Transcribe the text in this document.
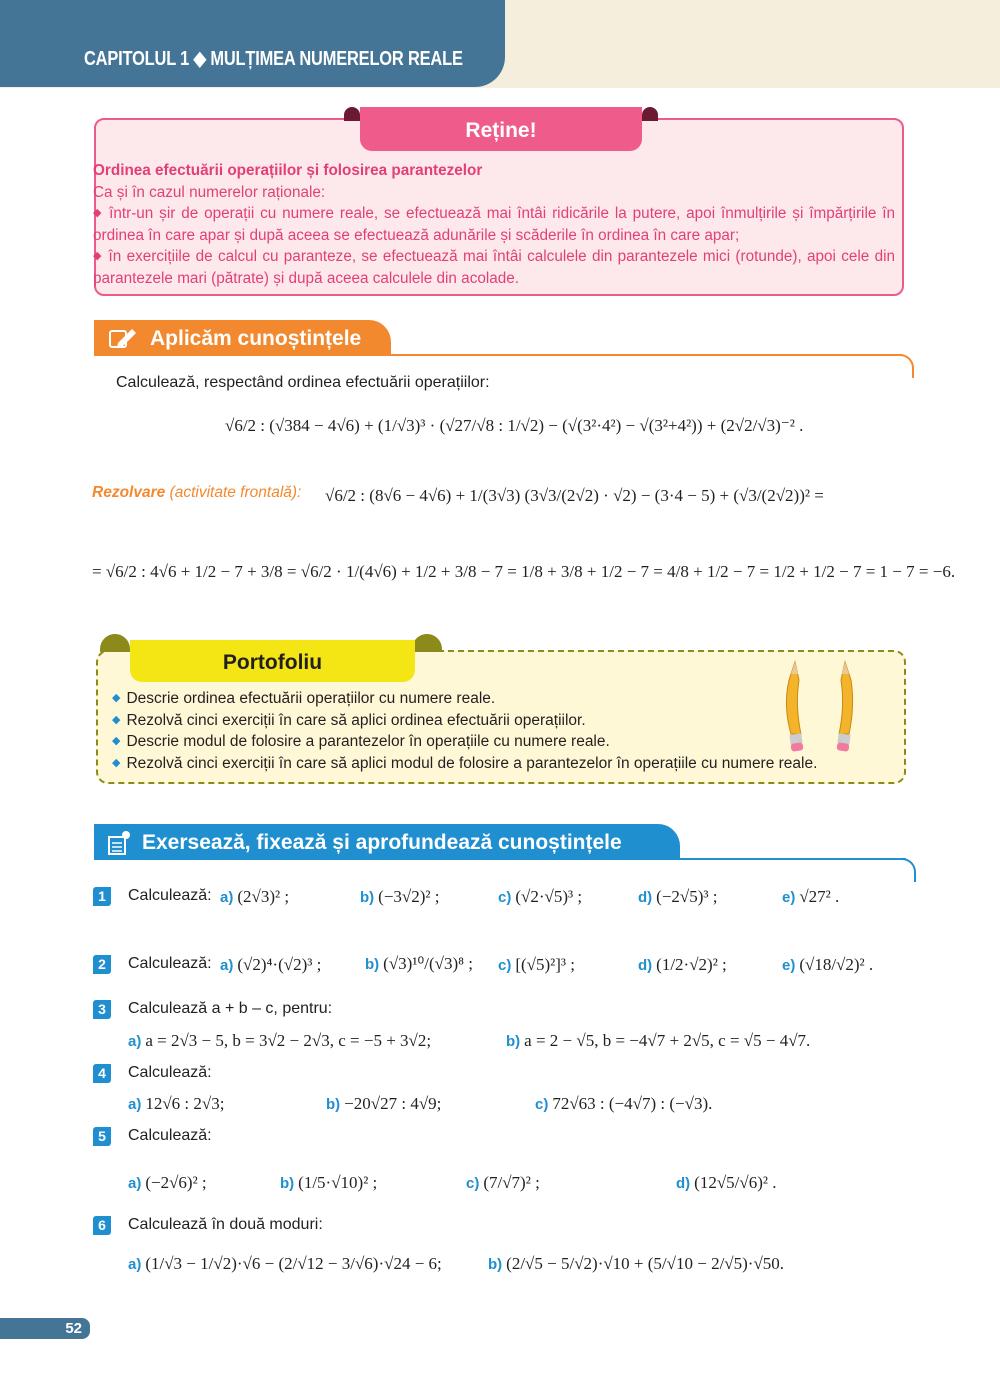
CAPITOLUL 1 ◆ MULȚIMEA NUMERELOR REALE
Reține!
Ordinea efectuării operațiilor și folosirea parantezelor
Ca și în cazul numerelor raționale:
◆ într-un șir de operații cu numere reale, se efectuează mai întâi ridicările la putere, apoi înmulțirile și împărțirile în ordinea în care apar și după aceea se efectuează adunările și scăderile în ordinea în care apar;
◆ în exercițiile de calcul cu paranteze, se efectuează mai întâi calculele din parantezele mici (rotunde), apoi cele din parantezele mari (pătrate) și după aceea calculele din acolade.
Aplicăm cunoștințele
Calculează, respectând ordinea efectuării operațiilor:
√6/2 : (√384 − 4√6) + (1/√3)³ · (√27/√8 : 1/√2) − (√(3²·4²) − √(3²+4²)) + (2√2/√3)⁻² .
Rezolvare (activitate frontală): √6/2 : (8√6 − 4√6) + 1/(3√3) (3√3/(2√2) · √2) − (3·4 − 5) + (√3/(2√2))² =
= √6/2 : 4√6 + 1/2 − 7 + 3/8 = √6/2 · 1/(4√6) + 1/2 + 3/8 − 7 = 1/8 + 3/8 + 1/2 − 7 = 4/8 + 1/2 − 7 = 1/2 + 1/2 − 7 = 1 − 7 = −6.
Portofoliu
◆ Descrie ordinea efectuării operațiilor cu numere reale.
◆ Rezolvă cinci exerciții în care să aplici ordinea efectuării operațiilor.
◆ Descrie modul de folosire a parantezelor în operațiile cu numere reale.
◆ Rezolvă cinci exerciții în care să aplici modul de folosire a parantezelor în operațiile cu numere reale.
Exersează, fixează și aprofundează cunoștințele
1	Calculează: a) (2√3)² ;	b) (−3√2)² ;	c) (√2·√5)³ ;	d) (−2√5)³ ;	e) √27² .
2	Calculează: a) (√2)⁴·(√2)³ ;	b) (√3)¹⁰/(√3)⁸ ; c) [(√5)²]³ ;	d) (1/2·√2)² ;	e) (√18/√2)² .
3	Calculează a + b – c, pentru:
a) a = 2√3 − 5, b = 3√2 − 2√3, c = −5 + 3√2;	b) a = 2 − √5, b = −4√7 + 2√5, c = √5 − 4√7.
4	Calculează:
a) 12√6 : 2√3;	b) −20√27 : 4√9;	c) 72√63 : (−4√7) : (−√3).
5	Calculează:
a) (−2√6)² ;	b) (1/5·√10)² ;	c) (7/√7)² ;	d) (12√5/√6)² .
6	Calculează în două moduri:
a) (1/√3 − 1/√2)·√6 − (2/√12 − 3/√6)·√24 − 6;	b) (2/√5 − 5/√2)·√10 + (5/√10 − 2/√5)·√50.
52
